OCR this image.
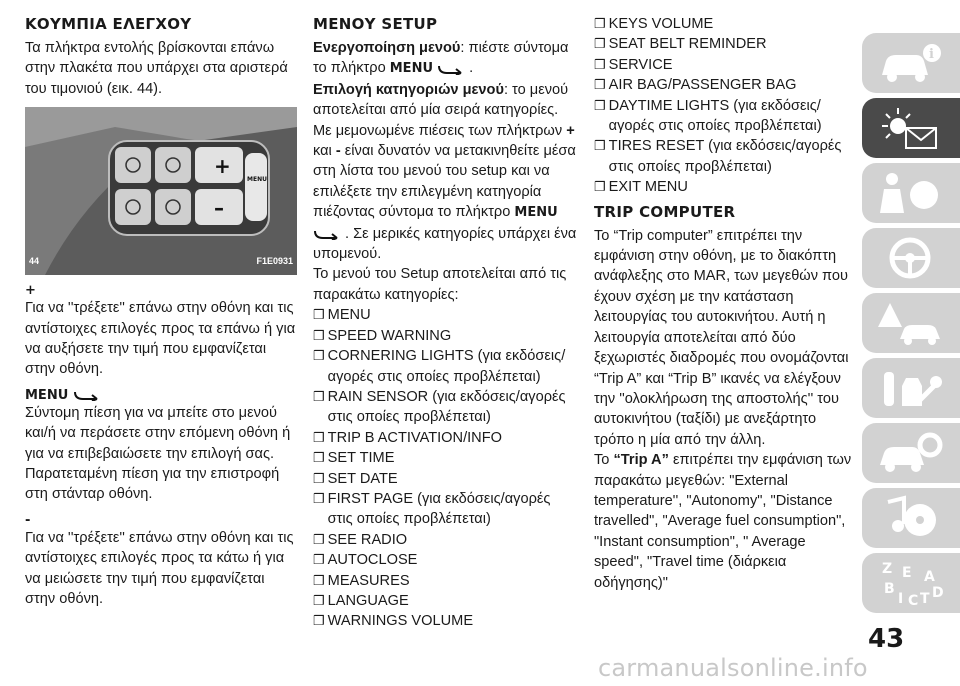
ΚΟΥΜΠΙΑ ΕΛΕΓΧΟΥ

Τα πλήκτρα εντολής βρίσκονται επάνω στην πλακέτα που υπάρχει στα αριστερά του τιμονιού (εικ. 44).

+
–
MENU
44	F1E0931
+

Για να ''τρέξετε'' επάνω στην οθόνη και τις αντίστοιχες επιλογές προς τα επάνω ή για να αυξήσετε την τιμή που εμφανίζεται στην οθόνη.

MENU

Σύντομη πίεση για να μπείτε στο μενού και/ή να περάσετε στην επόμενη οθόνη ή για να επιβεβαιώσετε την επιλογή σας.

Παρατεταμένη πίεση για την επιστροφή στη στάνταρ οθόνη.

-

Για να ''τρέξετε'' επάνω στην οθόνη και τις αντίστοιχες επιλογές προς τα κάτω ή για να μειώσετε την τιμή που εμφανίζεται στην οθόνη.

ΜΕΝΟΥ SETUP

Ενεργοποίηση μενού: πιέστε σύντομα το πλήκτρο MENU  .

Επιλογή κατηγοριών μενού: το μενού αποτελείται από μία σειρά κατηγορίες. Με μεμονωμένε πιέσεις των πλήκτρων + και - είναι δυνατόν να μετακινηθείτε μέσα στη λίστα του μενού του setup και να επιλέξετε την επιλεγμένη κατηγορία πιέζοντας σύντομα το πλήκτρο MENU  . Σε μερικές κατηγορίες υπάρχει ένα υπομενού.

Το μενού του Setup αποτελείται από τις παρακάτω κατηγορίες:

❒ MENU
❒ SPEED WARNING
❒ CORNERING LIGHTS (για εκδόσεις/αγορές στις οποίες προβλέπεται)
❒ RAIN SENSOR (για εκδόσεις/αγορές στις οποίες προβλέπεται)
❒ TRIP B ACTIVATION/INFO
❒ SET TIME
❒ SET DATE
❒ FIRST PAGE (για εκδόσεις/αγορές στις οποίες προβλέπεται)
❒ SEE RADIO
❒ AUTOCLOSE
❒ MEASURES
❒ LANGUAGE
❒ WARNINGS VOLUME
❒ KEYS VOLUME
❒ SEAT BELT REMINDER
❒ SERVICE
❒ AIR BAG/PASSENGER BAG
❒ DAYTIME LIGHTS (για εκδόσεις/αγορές στις οποίες προβλέπεται)
❒ TIRES RESET (για εκδόσεις/αγορές στις οποίες προβλέπεται)
❒ EXIT MENU
TRIP COMPUTER

Το “Trip computer” επιτρέπει την εμφάνιση στην οθόνη, με το διακόπτη ανάφλεξης στο MAR, των μεγεθών που έχουν σχέση με την κατάσταση λειτουργίας του αυτοκινήτου. Αυτή η λειτουργία αποτελείται από δύο ξεχωριστές διαδρομές που ονομάζονται “Trip A” και “Trip B” ικανές να ελέγξουν την ''ολοκλήρωση της αποστολής'' του αυτοκινήτου (ταξίδι) με ανεξάρτητο τρόπο η μία από την άλλη.

Το “Trip A” επιτρέπει την εμφάνιση των παρακάτω μεγεθών: "External temperature'', "Autonomy", "Distance travelled", "Average fuel consumption", "Instant consumption", " Average speed", "Travel time (διάρκεια οδήγησης)"

i
Z E A
B
I C T D
43
carmanualsonline.info
